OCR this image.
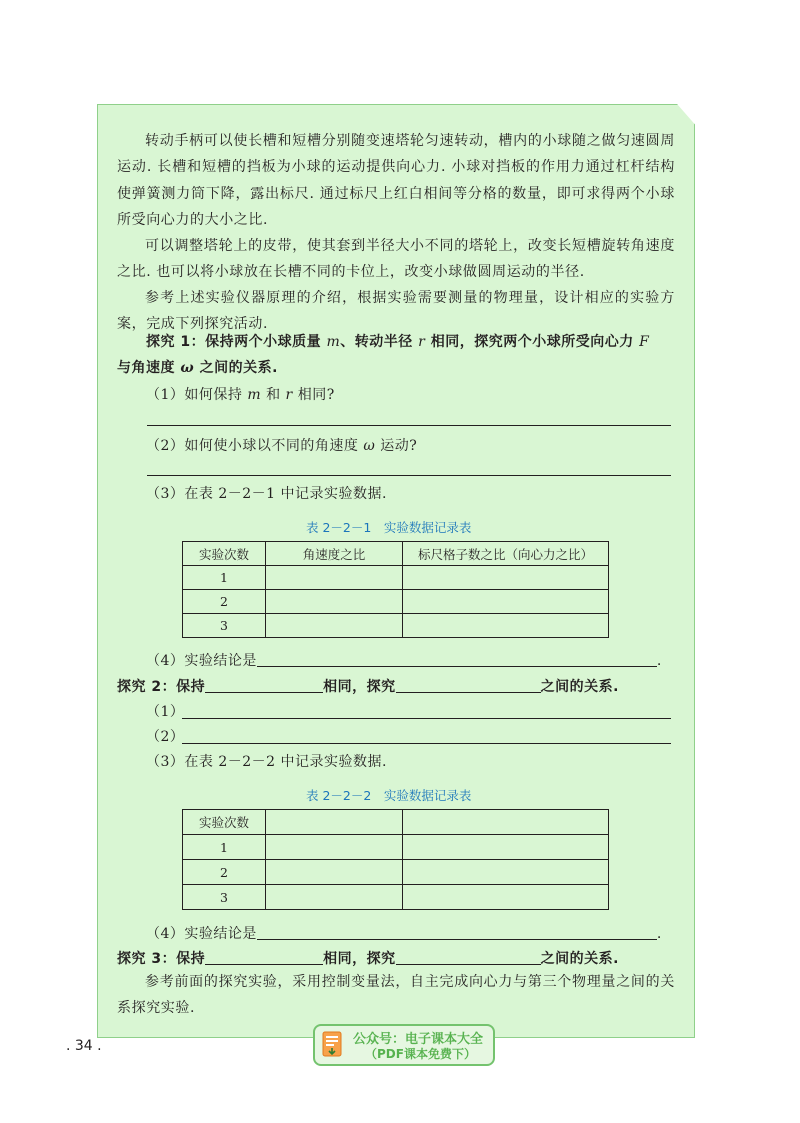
转动手柄可以使长槽和短槽分别随变速塔轮匀速转动，槽内的小球随之做匀速圆周运动. 长槽和短槽的挡板为小球的运动提供向心力. 小球对挡板的作用力通过杠杆结构使弹簧测力筒下降，露出标尺. 通过标尺上红白相间等分格的数量，即可求得两个小球所受向心力的大小之比.

可以调整塔轮上的皮带，使其套到半径大小不同的塔轮上，改变长短槽旋转角速度之比. 也可以将小球放在长槽不同的卡位上，改变小球做圆周运动的半径.

参考上述实验仪器原理的介绍，根据实验需要测量的物理量，设计相应的实验方案，完成下列探究活动.

探究 1：保持两个小球质量 m、转动半径 r 相同，探究两个小球所受向心力 F
与角速度 ω 之间的关系.
（1）如何保持 m 和 r 相同?
（2）如何使小球以不同的角速度 ω 运动?
（3）在表 2－2－1 中记录实验数据.
表 2－2－1　实验数据记录表
实验次数	角速度之比	标尺格子数之比（向心力之比）
1		
2		
3		
（4）实验结论是	.
探究 2：保持	相同，探究	之间的关系.
（1）
（2）
（3）在表 2－2－2 中记录实验数据.
表 2－2－2　实验数据记录表
实验次数		
1		
2		
3		
（4）实验结论是	.
探究 3：保持	相同，探究	之间的关系.

参考前面的探究实验，采用控制变量法，自主完成向心力与第三个物理量之间的关系探究实验.

. 34 .	公众号：电子课本大全
（PDF课本免费下）
